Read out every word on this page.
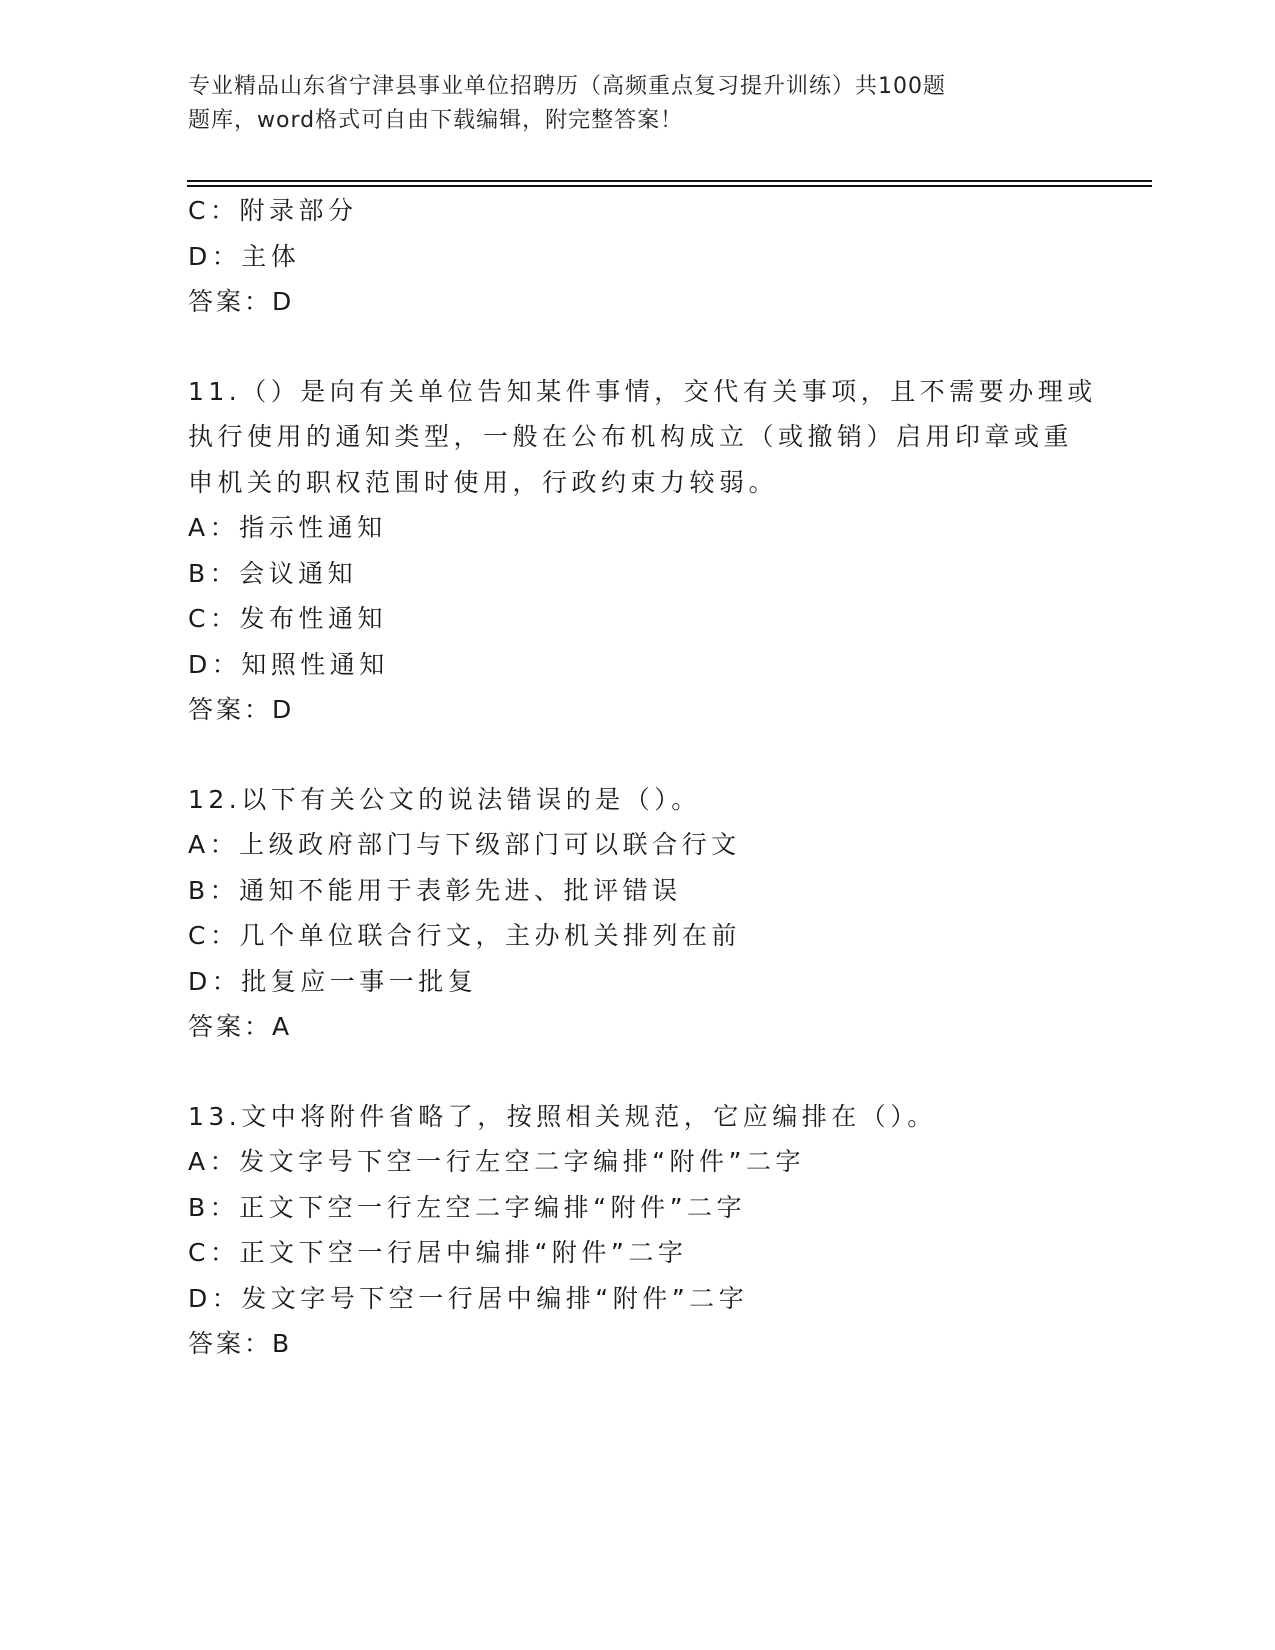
专业精品山东省宁津县事业单位招聘历（高频重点复习提升训练）共100题
题库，word格式可自由下载编辑，附完整答案！
C：附录部分
D：主体
答案：D
11.（）是向有关单位告知某件事情，交代有关事项，且不需要办理或
执行使用的通知类型，一般在公布机构成立（或撤销）启用印章或重
申机关的职权范围时使用，行政约束力较弱。
A：指示性通知
B：会议通知
C：发布性通知
D：知照性通知
答案：D
12.以下有关公文的说法错误的是（）。
A：上级政府部门与下级部门可以联合行文
B：通知不能用于表彰先进、批评错误
C：几个单位联合行文，主办机关排列在前
D：批复应一事一批复
答案：A
13.文中将附件省略了，按照相关规范，它应编排在（）。
A：发文字号下空一行左空二字编排“附件”二字
B：正文下空一行左空二字编排“附件”二字
C：正文下空一行居中编排“附件”二字
D：发文字号下空一行居中编排“附件”二字
答案：B
